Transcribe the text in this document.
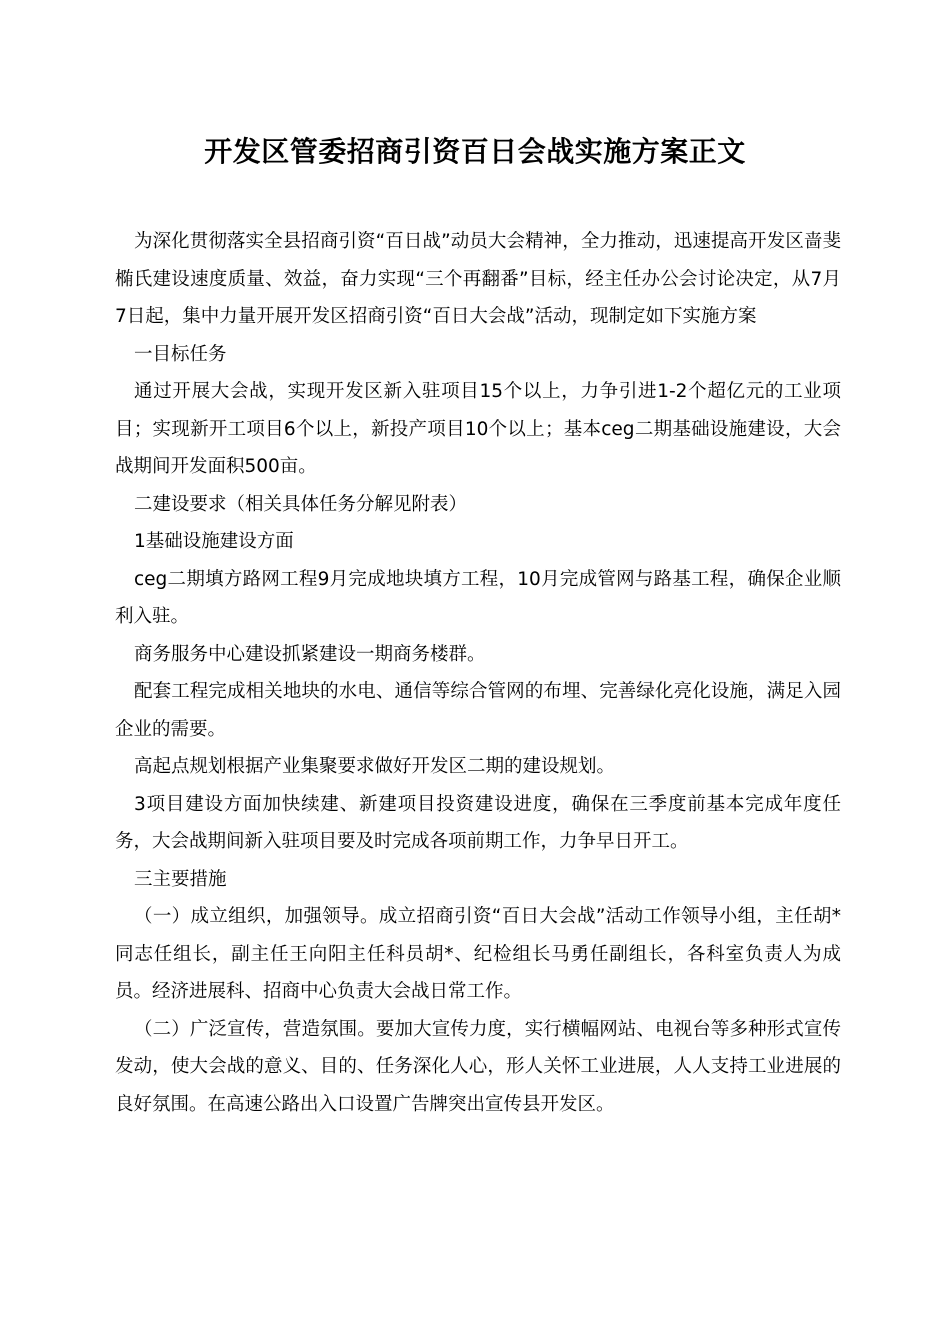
开发区管委招商引资百日会战实施方案正文

为深化贯彻落实全县招商引资“百日战”动员大会精神，全力推动，迅速提高开发区啬斐椭氏建设速度质量、效益，奋力实现“三个再翻番”目标，经主任办公会讨论决定，从7月7日起，集中力量开展开发区招商引资“百日大会战”活动，现制定如下实施方案

一目标任务

通过开展大会战，实现开发区新入驻项目15个以上，力争引进1-2个超亿元的工业项目；实现新开工项目6个以上，新投产项目10个以上；基本ceg二期基础设施建设，大会战期间开发面积500亩。

二建设要求（相关具体任务分解见附表）

1基础设施建设方面

ceg二期填方路网工程9月完成地块填方工程，10月完成管网与路基工程，确保企业顺利入驻。

商务服务中心建设抓紧建设一期商务楼群。

配套工程完成相关地块的水电、通信等综合管网的布埋、完善绿化亮化设施，满足入园企业的需要。

高起点规划根据产业集聚要求做好开发区二期的建设规划。

3项目建设方面加快续建、新建项目投资建设进度，确保在三季度前基本完成年度任务，大会战期间新入驻项目要及时完成各项前期工作，力争早日开工。

三主要措施

（一）成立组织，加强领导。成立招商引资“百日大会战”活动工作领导小组，主任胡*同志任组长，副主任王向阳主任科员胡*、纪检组长马勇任副组长，各科室负责人为成员。经济进展科、招商中心负责大会战日常工作。

（二）广泛宣传，营造氛围。要加大宣传力度，实行横幅网站、电视台等多种形式宣传发动，使大会战的意义、目的、任务深化人心，形人关怀工业进展，人人支持工业进展的良好氛围。在高速公路出入口设置广告牌突出宣传县开发区。
